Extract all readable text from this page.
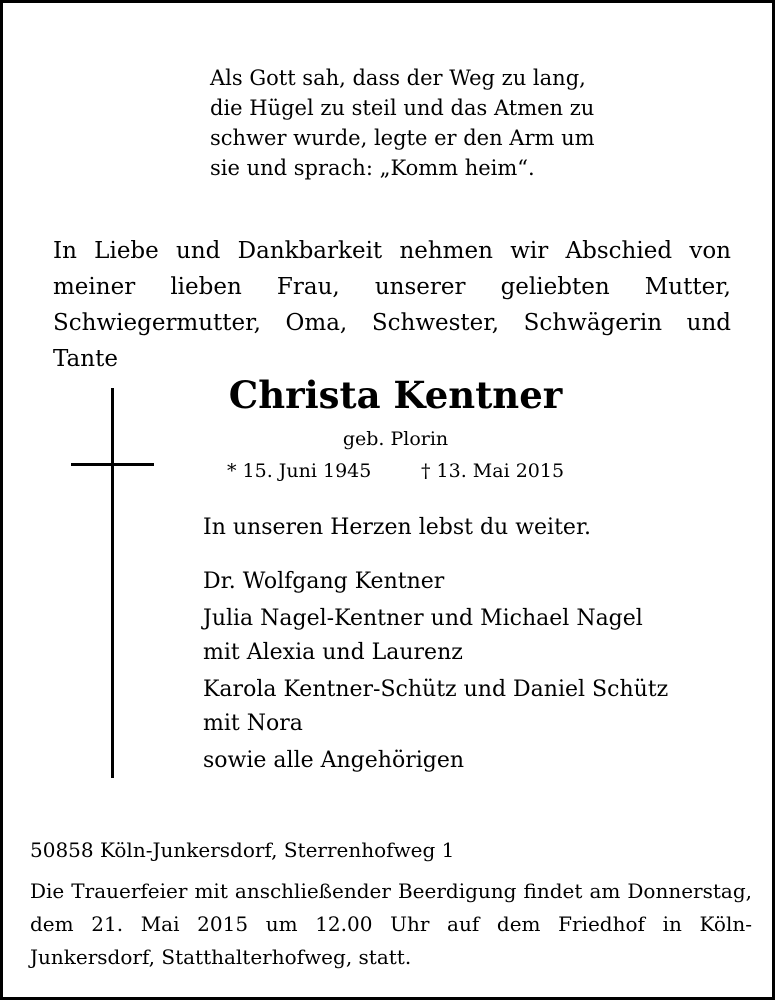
Als Gott sah, dass der Weg zu lang,
die Hügel zu steil und das Atmen zu
schwer wurde, legte er den Arm um
sie und sprach: „Komm heim“.
In Liebe und Dankbarkeit nehmen wir Abschied von meiner lieben Frau, unserer geliebten Mutter, Schwiegermutter, Oma, Schwester, Schwägerin und Tante
Christa Kentner
geb. Plorin
* 15. Juni 1945	† 13. Mai 2015
In unseren Herzen lebst du weiter.
Dr. Wolfgang Kentner
Julia Nagel-Kentner und Michael Nagel
mit Alexia und Laurenz
Karola Kentner-Schütz und Daniel Schütz
mit Nora
sowie alle Angehörigen
50858 Köln-Junkersdorf, Sterrenhofweg 1
Die Trauerfeier mit anschließender Beerdigung findet am Donnerstag, dem 21. Mai 2015 um 12.00 Uhr auf dem Friedhof in Köln-Junkersdorf, Statthalterhofweg, statt.
